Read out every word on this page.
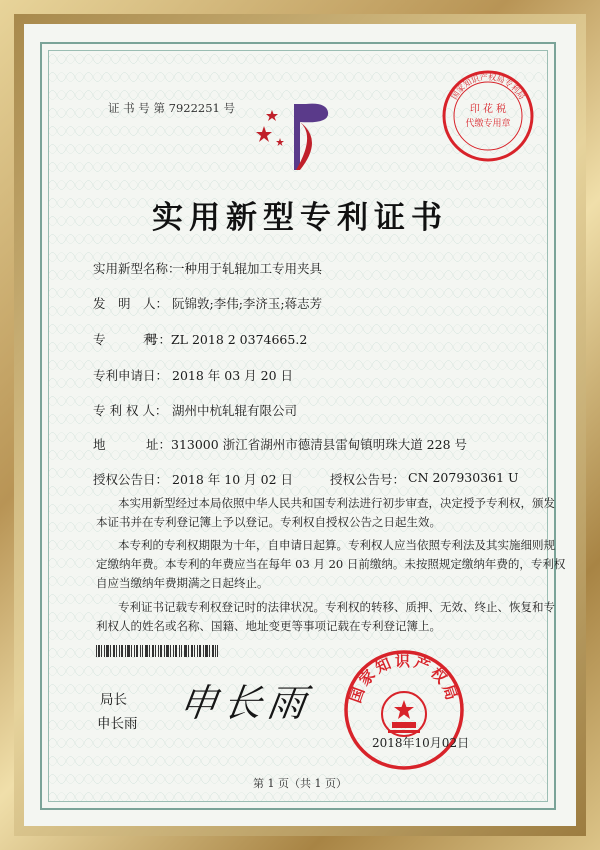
证 书 号 第 7922251 号	印 花 税
代缴专用章
国家知识产权局专利局
实用新型专利证书
实用新型名称：
一种用于轧辊加工专用夹具
发　明　人： 阮锦敦;李伟;李济玉;蒋志芳
专　　　利
号：ZL 2018 2 0374665.2
专利申请日： 2018 年 03 月 20 日
专 利 权 人： 湖州中杭轧辊有限公司
地	址：313000 浙江省湖州市德清县雷甸镇明珠大道 228 号
授权公告日： 2018 年 10 月 02 日	授权公告号： CN 207930361 U
本实用新型经过本局依照中华人民共和国专利法进行初步审查，决定授予专利权，颁发
本证书并在专利登记簿上予以登记。专利权自授权公告之日起生效。
本专利的专利权期限为十年，自申请日起算。专利权人应当依照专利法及其实施细则规
定缴纳年费。本专利的年费应当在每年 03 月 20 日前缴纳。未按照规定缴纳年费的，专利权
自应当缴纳年费期满之日起终止。
专利证书记载专利权登记时的法律状况。专利权的转移、质押、无效、终止、恢复和专
利权人的姓名或名称、国籍、地址变更等事项记载在专利登记簿上。
局长
申长雨 申长雨 国家知识产权局
2018年10月02日
第 1 页（共 1 页）
